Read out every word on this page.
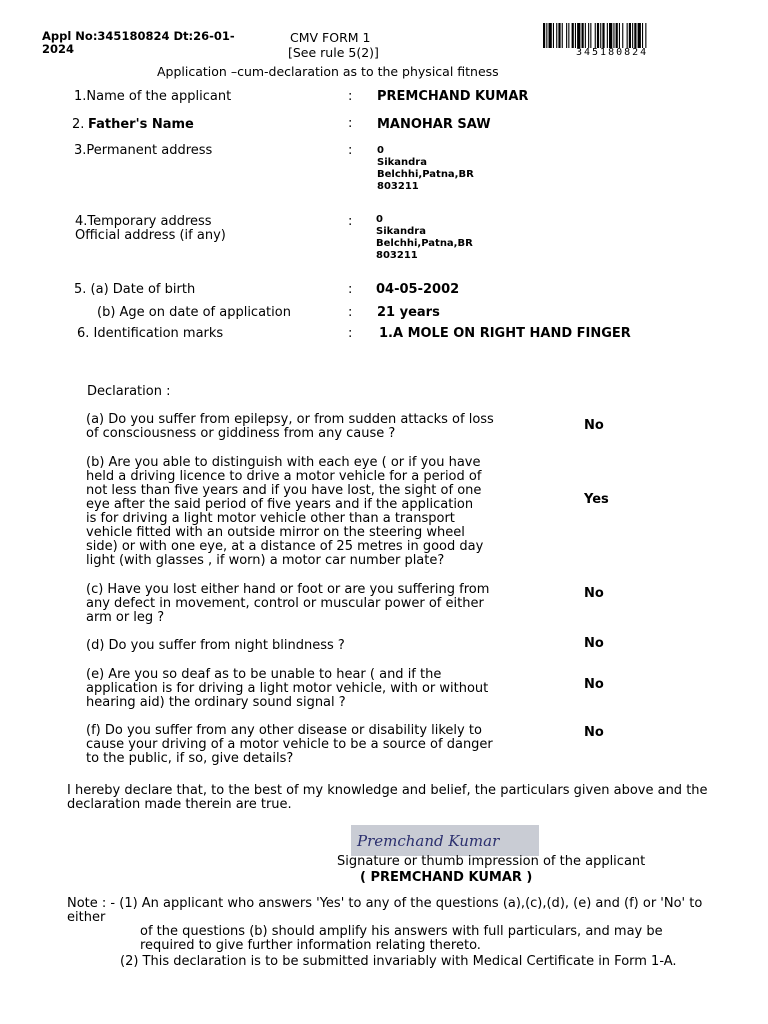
Appl No:345180824 Dt:26-01-2024
CMV FORM 1
[See rule 5(2)]	345180824
Application –cum-declaration as to the physical fitness
1.Name of the applicant	: PREMCHAND KUMAR
2. Father's Name	: MANOHAR SAW
3.Permanent address	: 0
Sikandra
Belchhi,Patna,BR
803211
4.Temporary address
Official address (if any)
: 0
Sikandra
Belchhi,Patna,BR
803211
5. (a) Date of birth	: 04-05-2002
(b) Age on date of application	: 21 years
6. Identification marks	: 1.A MOLE ON RIGHT HAND FINGER
Declaration :
(a) Do you suffer from epilepsy, or from sudden attacks of loss of consciousness or giddiness from any cause ?
No
(b) Are you able to distinguish with each eye ( or if you have held a driving licence to drive a motor vehicle for a period of not less than five years and if you have lost, the sight of one eye after the said period of five years and if the application is for driving a light motor vehicle other than a transport vehicle fitted with an outside mirror on the steering wheel side) or with one eye, at a distance of 25 metres in good day light (with glasses , if worn) a motor car number plate?
Yes
(c) Have you lost either hand or foot or are you suffering from any defect in movement, control or muscular power of either arm or leg ?
No
(d) Do you suffer from night blindness ?	No
(e) Are you so deaf as to be unable to hear ( and if the application is for driving a light motor vehicle, with or without hearing aid) the ordinary sound signal ?
No
(f) Do you suffer from any other disease or disability likely to cause your driving of a motor vehicle to be a source of danger to the public, if so, give details?
No
I hereby declare that, to the best of my knowledge and belief, the particulars given above and the declaration made therein are true.
Premchand Kumar
Signature or thumb impression of the applicant
( PREMCHAND KUMAR )
Note : - (1) An applicant who answers 'Yes' to any of the questions (a),(c),(d), (e) and (f) or 'No' to either
of the questions (b) should amplify his answers with full particulars, and may be required to give further information relating thereto.
(2) This declaration is to be submitted invariably with Medical Certificate in Form 1-A.
